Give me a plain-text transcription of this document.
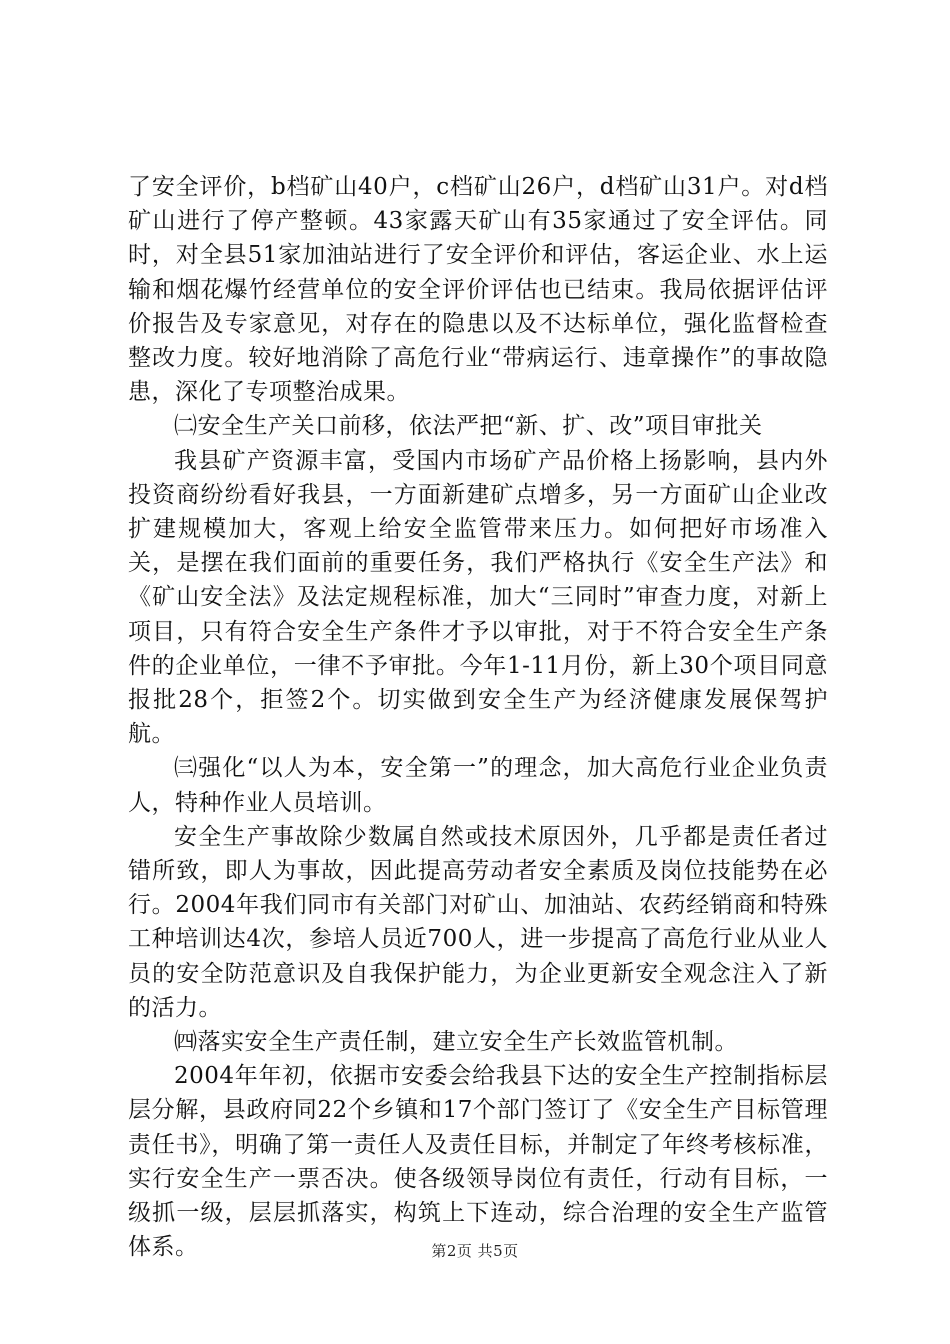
了安全评价，b档矿山40户，c档矿山26户，d档矿山31户。对d档矿山进行了停产整顿。43家露天矿山有35家通过了安全评估。同时，对全县51家加油站进行了安全评价和评估，客运企业、水上运输和烟花爆竹经营单位的安全评价评估也已结束。我局依据评估评价报告及专家意见，对存在的隐患以及不达标单位，强化监督检查整改力度。较好地消除了高危行业“带病运行、违章操作”的事故隐患，深化了专项整治成果。

㈡安全生产关口前移，依法严把“新、扩、改”项目审批关

我县矿产资源丰富，受国内市场矿产品价格上扬影响，县内外投资商纷纷看好我县，一方面新建矿点增多，另一方面矿山企业改扩建规模加大，客观上给安全监管带来压力。如何把好市场准入关，是摆在我们面前的重要任务，我们严格执行《安全生产法》和《矿山安全法》及法定规程标准，加大“三同时”审查力度，对新上项目，只有符合安全生产条件才予以审批，对于不符合安全生产条件的企业单位，一律不予审批。今年1-11月份，新上30个项目同意报批28个，拒签2个。切实做到安全生产为经济健康发展保驾护航。

㈢强化“以人为本，安全第一”的理念，加大高危行业企业负责人，特种作业人员培训。

安全生产事故除少数属自然或技术原因外，几乎都是责任者过错所致，即人为事故，因此提高劳动者安全素质及岗位技能势在必行。2004年我们同市有关部门对矿山、加油站、农药经销商和特殊工种培训达4次，参培人员近700人，进一步提高了高危行业从业人员的安全防范意识及自我保护能力，为企业更新安全观念注入了新的活力。

㈣落实安全生产责任制，建立安全生产长效监管机制。

2004年年初，依据市安委会给我县下达的安全生产控制指标层层分解，县政府同22个乡镇和17个部门签订了《安全生产目标管理责任书》，明确了第一责任人及责任目标，并制定了年终考核标准，实行安全生产一票否决。使各级领导岗位有责任，行动有目标，一级抓一级，层层抓落实，构筑上下连动，综合治理的安全生产监管体系。	第2页 共5页
